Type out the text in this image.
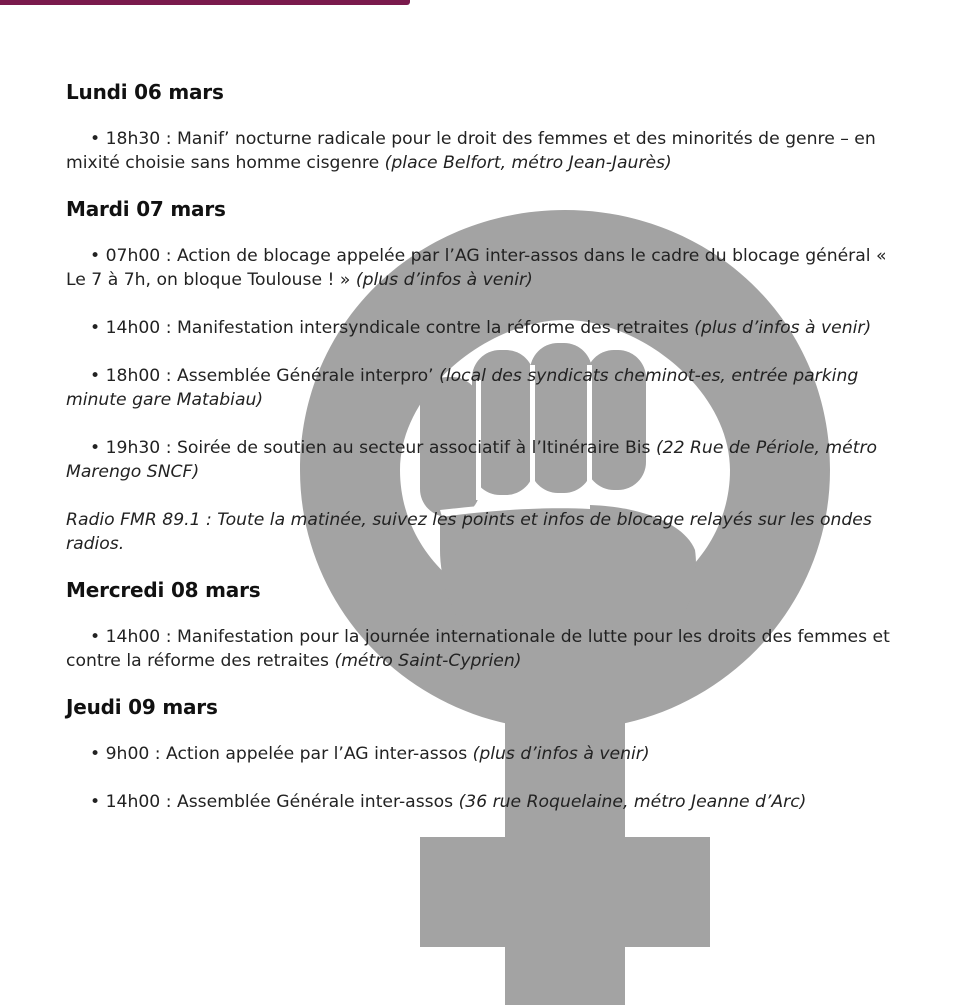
Lundi 06 mars

• 18h30 : Manif’ nocturne radicale pour le droit des femmes et des minorités de genre – en mixité choisie sans homme cisgenre (place Belfort, métro Jean-Jaurès)

Mardi 07 mars

• 07h00 : Action de blocage appelée par l’AG inter-assos dans le cadre du blocage général « Le 7 à 7h, on bloque Toulouse ! » (plus d’infos à venir)

• 14h00 : Manifestation intersyndicale contre la réforme des retraites (plus d’infos à venir)

• 18h00 : Assemblée Générale interpro’ (local des syndicats cheminot-es, entrée parking minute gare Matabiau)

• 19h30 : Soirée de soutien au secteur associatif à l’Itinéraire Bis (22 Rue de Périole, métro Marengo SNCF)

Radio FMR 89.1 : Toute la matinée, suivez les points et infos de blocage relayés sur les ondes radios.

Mercredi 08 mars

• 14h00 : Manifestation pour la journée internationale de lutte pour les droits des femmes et contre la réforme des retraites (métro Saint-Cyprien)

Jeudi 09 mars

• 9h00 : Action appelée par l’AG inter-assos (plus d’infos à venir)

• 14h00 : Assemblée Générale inter-assos (36 rue Roquelaine, métro Jeanne d’Arc)
